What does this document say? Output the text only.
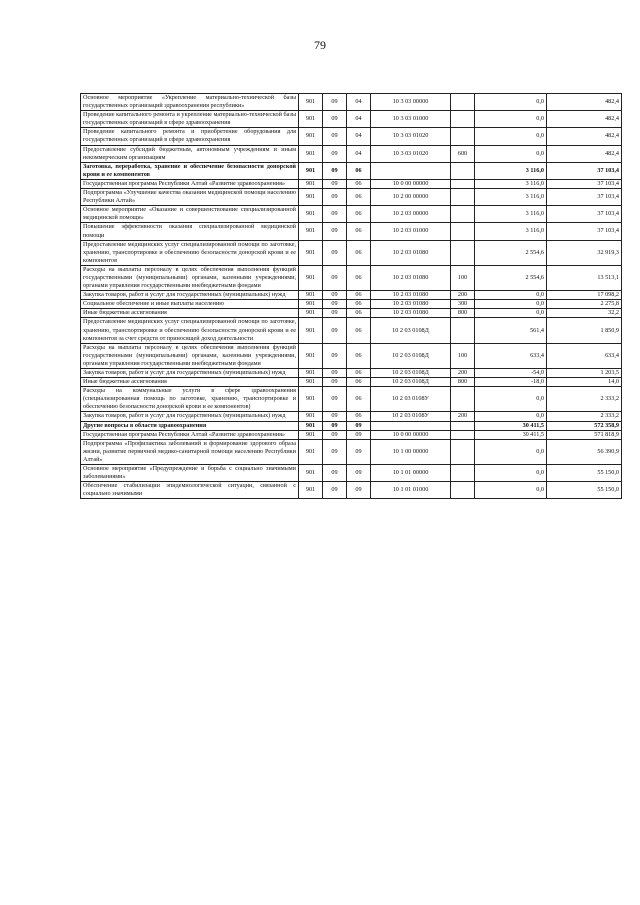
79
Основное мероприятие «Укрепление материально-технической базы государственных организаций здравоохранения республики»	901	09	04	10 3 03 00000		0,0	482,4
Проведение капитального ремонта и укрепление материально-технической базы государственных организаций в сфере здравоохранения	901	09	04	10 3 03 01000		0,0	482,4
Проведение капитального ремонта и приобретение оборудования для государственных организаций в сфере здравоохранения	901	09	04	10 3 03 01020		0,0	482,4
Предоставление субсидий бюджетным, автономным учреждениям и иным некоммерческим организациям	901	09	04	10 3 03 01020	600	0,0	482,4
Заготовка, переработка, хранение и обеспечение безопасности донорской крови и ее компонентов	901	09	06			3 116,0	37 103,4
Государственная программа Республики Алтай «Развитие здравоохранения»	901	09	06	10 0 00 00000		3 116,0	37 103,4
Подпрограмма «Улучшение качества оказания медицинской помощи населению Республики Алтай»	901	09	06	10 2 00 00000		3 116,0	37 103,4
Основное мероприятие «Оказание и совершенствование специализированной медицинской помощи»	901	09	06	10 2 03 00000		3 116,0	37 103,4
Повышение эффективности оказания специализированной медицинской помощи	901	09	06	10 2 03 01000		3 116,0	37 103,4
Предоставление медицинских услуг специализированной помощи по заготовке, хранению, транспортировке и обеспечению безопасности донорской крови и ее компонентов	901	09	06	10 2 03 01080		2 554,6	32 919,3
Расходы на выплаты персоналу в целях обеспечения выполнения функций государственными (муниципальными) органами, казенными учреждениями, органами управления государственными внебюджетными фондами	901	09	06	10 2 03 01080	100	2 554,6	13 513,1
Закупка товаров, работ и услуг для государственных (муниципальных) нужд	901	09	06	10 2 03 01080	200	0,0	17 098,2
Социальное обеспечение и иные выплаты населению	901	09	06	10 2 03 01080	300	0,0	2 275,8
Иные бюджетные ассигнования	901	09	06	10 2 03 01080	800	0,0	32,2
Предоставление медицинских услуг специализированной помощи по заготовке, хранению, транспортировке и обеспечению безопасности донорской крови и ее компонентов за счет средств от приносящей доход деятельности	901	09	06	10 2 03 0108Д		561,4	1 850,9
Расходы на выплаты персоналу в целях обеспечения выполнения функций государственными (муниципальными) органами, казенными учреждениями, органами управления государственными внебюджетными фондами	901	09	06	10 2 03 0108Д	100	633,4	633,4
Закупка товаров, работ и услуг для государственных (муниципальных) нужд	901	09	06	10 2 03 0108Д	200	-54,0	1 203,5
Иные бюджетные ассигнования	901	09	06	10 2 03 0108Д	800	-18,0	14,0
Расходы на коммунальные услуги в сфере здравоохранения (специализированная помощь по заготовке, хранению, транспортировке и обеспечению безопасности донорской крови и ее компонентов)	901	09	06	10 2 03 0108У		0,0	2 333,2
Закупка товаров, работ и услуг для государственных (муниципальных) нужд	901	09	06	10 2 03 0108У	200	0,0	2 333,2
Другие вопросы в области здравоохранения	901	09	09			30 411,5	572 358,9
Государственная программа Республики Алтай «Развитие здравоохранения»	901	09	09	10 0 00 00000		30 411,5	571 818,9
Подпрограмма «Профилактика заболеваний и формирование здорового образа жизни, развитие первичной медико-санитарной помощи населению Республики Алтай»	901	09	09	10 1 00 00000		0,0	56 390,9
Основное мероприятие «Предупреждение и борьба с социально значимыми заболеваниями»	901	09	09	10 1 01 00000		0,0	55 150,0
Обеспечение стабилизации эпидемиологической ситуации, связанной с социально значимыми	901	09	09	10 1 01 01000		0,0	55 150,0
